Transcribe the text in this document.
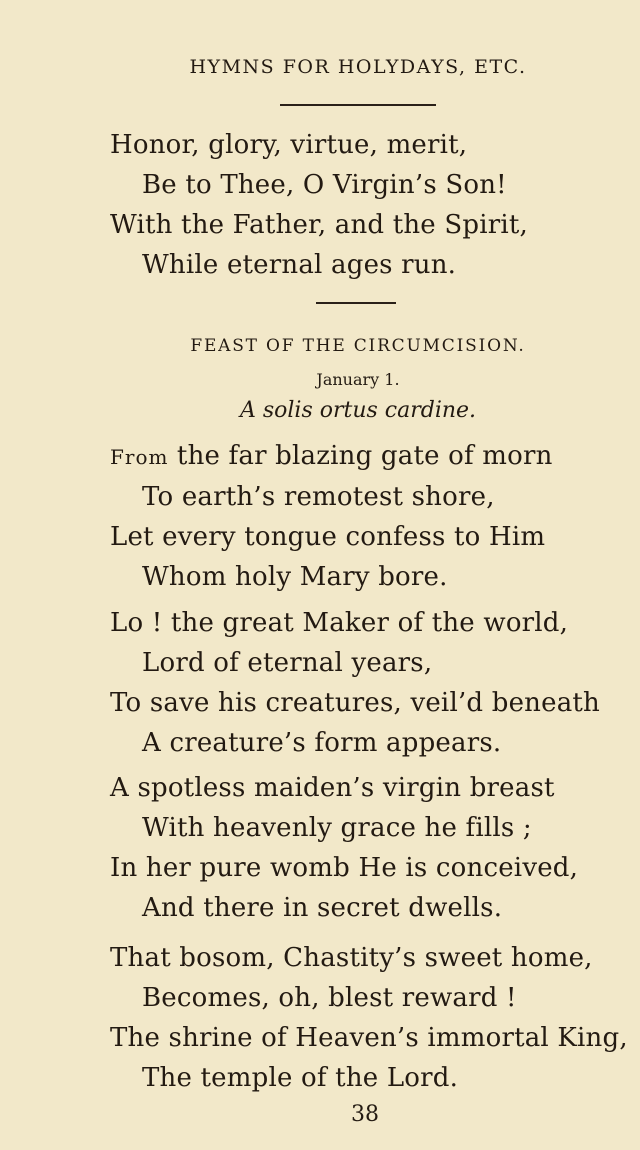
HYMNS FOR HOLYDAYS, ETC.
Honor, glory, virtue, merit,
Be to Thee, O Virgin’s Son!
With the Father, and the Spirit,
While eternal ages run.
FEAST OF THE CIRCUMCISION.
January 1.
A solis ortus cardine.
From the far blazing gate of morn
To earth’s remotest shore,
Let every tongue confess to Him
Whom holy Mary bore.
Lo ! the great Maker of the world,
Lord of eternal years,
To save his creatures, veil’d beneath
A creature’s form appears.
A spotless maiden’s virgin breast
With heavenly grace he fills ;
In her pure womb He is conceived,
And there in secret dwells.
That bosom, Chastity’s sweet home,
Becomes, oh, blest reward !
The shrine of Heaven’s immortal King,
The temple of the Lord.
38
